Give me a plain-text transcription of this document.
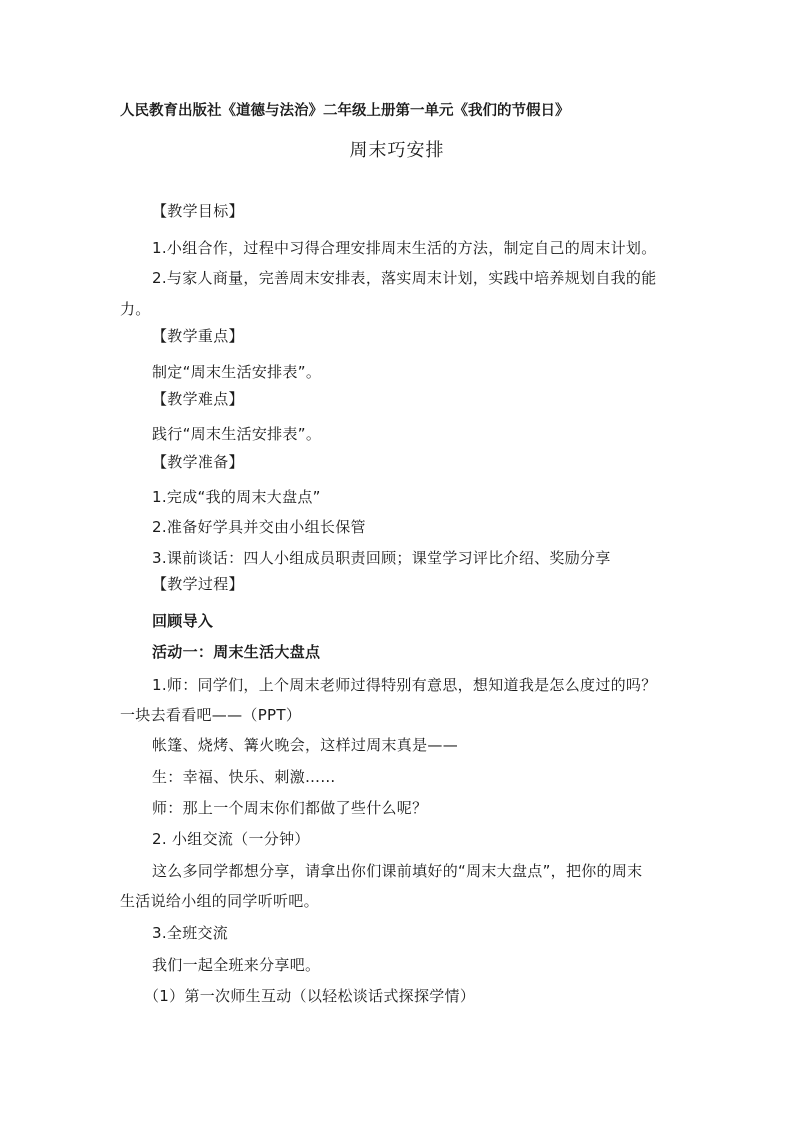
人民教育出版社《道德与法治》二年级上册第一单元《我们的节假日》
周末巧安排
【教学目标】
1.小组合作，过程中习得合理安排周末生活的方法，制定自己的周末计划。
2.与家人商量，完善周末安排表，落实周末计划，实践中培养规划自我的能
力。
【教学重点】
制定“周末生活安排表”。
【教学难点】
践行“周末生活安排表”。
【教学准备】
1.完成“我的周末大盘点”
2.准备好学具并交由小组长保管
3.课前谈话：四人小组成员职责回顾；课堂学习评比介绍、奖励分享
【教学过程】
回顾导入
活动一：周末生活大盘点
1.师：同学们，上个周末老师过得特别有意思，想知道我是怎么度过的吗？
一块去看看吧——（PPT）
帐篷、烧烤、篝火晚会，这样过周末真是——
生：幸福、快乐、刺激……
师：那上一个周末你们都做了些什么呢？
2. 小组交流（一分钟）
这么多同学都想分享，请拿出你们课前填好的“周末大盘点”，把你的周末
生活说给小组的同学听听吧。
3.全班交流
我们一起全班来分享吧。
（1）第一次师生互动（以轻松谈话式探探学情）
